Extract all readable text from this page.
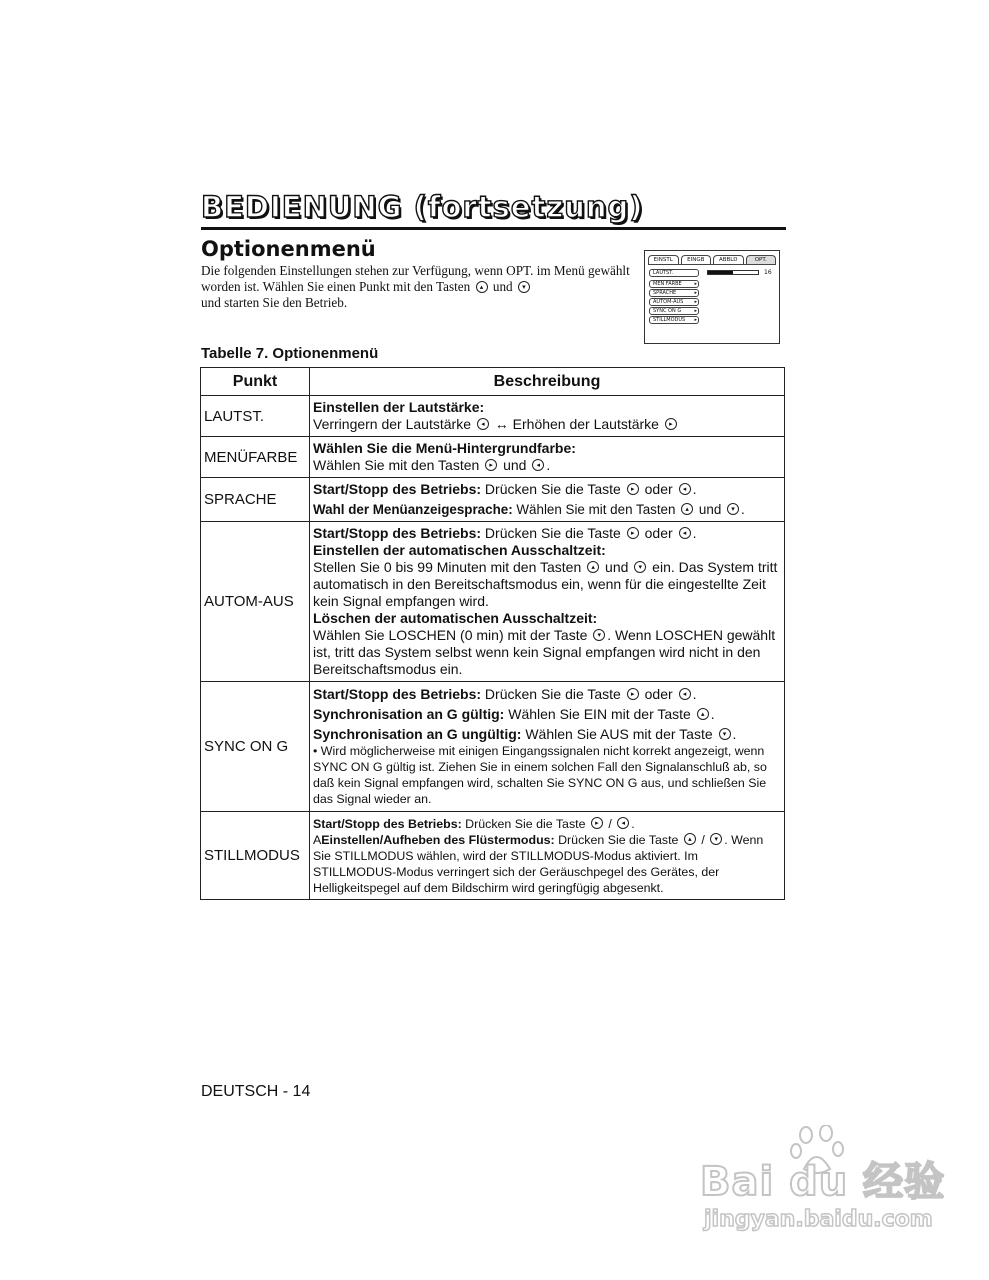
BEDIENUNG (fortsetzung)
Optionenmenü
Die folgenden Einstellungen stehen zur Verfügung, wenn OPT. im Menü gewählt worden ist. Wählen Sie einen Punkt mit den Tasten ▴ und ▾
und starten Sie den Betrieb.
EINSTL	EINGB	ABBLD	OPT.
LAUTST.
MEN FARBE	▸
SPRACHE	▸
AUTOM-AUS ▸
SYNC ON G	▸
STILLMODUS ▸
16
Tabelle 7. Optionenmenü
Punkt	Beschreibung
LAUTST.	Einstellen der Lautstärke:
Verringern der Lautstärke ◂ ↔ Erhöhen der Lautstärke ▸

MENÜFARBE	Wählen Sie die Menü-Hintergrundfarbe:
Wählen Sie mit den Tasten ▸ und ◂ .

SPRACHE	Start/Stopp des Betriebs: Drücken Sie die Taste ▸ oder ◂ .
Wahl der Menüanzeigesprache: Wählen Sie mit den Tasten ▴ und ▾ .

AUTOM-AUS	Start/Stopp des Betriebs: Drücken Sie die Taste ▸ oder ◂ .
Einstellen der automatischen Ausschaltzeit:
Stellen Sie 0 bis 99 Minuten mit den Tasten ▴ und ▾ ein. Das System tritt automatisch in den Bereitschaftsmodus ein, wenn für die eingestellte Zeit kein Signal empfangen wird.
Löschen der automatischen Ausschaltzeit:
Wählen Sie LOSCHEN (0 min) mit der Taste ▾ . Wenn LOSCHEN gewählt ist, tritt das System selbst wenn kein Signal empfangen wird nicht in den Bereitschaftsmodus ein.

SYNC ON G	Start/Stopp des Betriebs: Drücken Sie die Taste ▸ oder ◂ .
Synchronisation an G gültig: Wählen Sie EIN mit der Taste ▴ .
Synchronisation an G ungültig: Wählen Sie AUS mit der Taste ▾ .
• Wird möglicherweise mit einigen Eingangssignalen nicht korrekt angezeigt, wenn SYNC ON G gültig ist. Ziehen Sie in einem solchen Fall den Signalanschluß ab, so daß kein Signal empfangen wird, schalten Sie SYNC ON G aus, und schließen Sie das Signal wieder an.

STILLMODUS	Start/Stopp des Betriebs: Drücken Sie die Taste ▸ / ◂ .
AEinstellen/Aufheben des Flüstermodus: Drücken Sie die Taste ▴ / ▾ . Wenn Sie STILLMODUS wählen, wird der STILLMODUS-Modus aktiviert. Im STILLMODUS-Modus verringert sich der Geräuschpegel des Gerätes, der Helligkeitspegel auf dem Bildschirm wird geringfügig abgesenkt.
DEUTSCH - 14
Bai du 经验
jingyan.baidu.com
